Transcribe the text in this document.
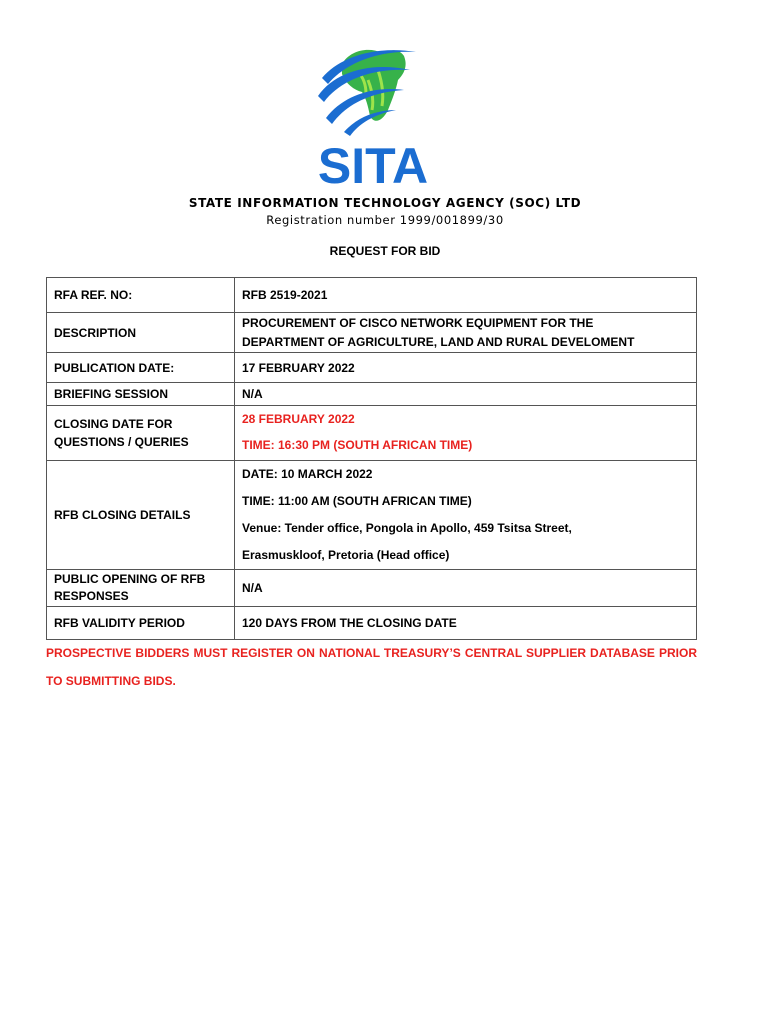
SITA
STATE INFORMATION TECHNOLOGY AGENCY (SOC) LTD
Registration number 1999/001899/30
REQUEST FOR BID
RFA REF. NO:	RFB 2519-2021
DESCRIPTION	PROCUREMENT OF CISCO NETWORK EQUIPMENT FOR THE
DEPARTMENT OF AGRICULTURE, LAND AND RURAL DEVELOMENT

PUBLICATION DATE:	17 FEBRUARY 2022
BRIEFING SESSION	N/A

CLOSING DATE FOR
QUESTIONS / QUERIES	28 FEBRUARY 2022
TIME: 16:30 PM (SOUTH AFRICAN TIME)

RFB CLOSING DETAILS	DATE: 10 MARCH 2022
TIME: 11:00 AM (SOUTH AFRICAN TIME)
Venue: Tender office, Pongola in Apollo, 459 Tsitsa Street,
Erasmuskloof, Pretoria (Head office)

PUBLIC OPENING OF RFB
RESPONSES	N/A
RFB VALIDITY PERIOD	120 DAYS FROM THE CLOSING DATE
PROSPECTIVE BIDDERS MUST REGISTER ON NATIONAL TREASURY’S CENTRAL SUPPLIER DATABASE PRIOR TO SUBMITTING BIDS.
